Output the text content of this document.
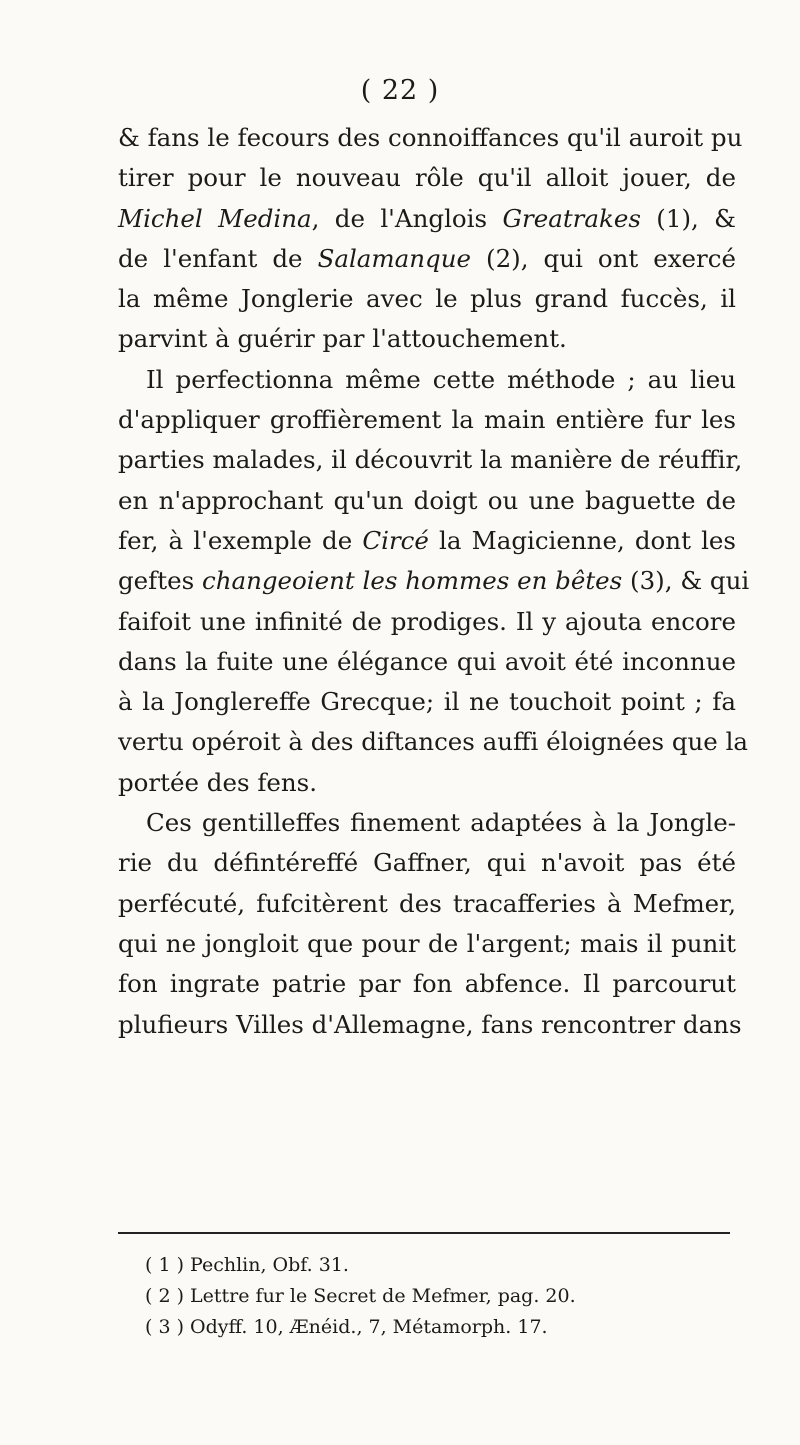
( 22 )
& fans le fecours des connoiffances qu'il auroit pu
tirer pour le nouveau rôle qu'il alloit jouer, de
Michel Medina, de l'Anglois Greatrakes (1), &
de l'enfant de Salamanque (2), qui ont exercé
la même Jonglerie avec le plus grand fuccès, il
parvint à guérir par l'attouchement.
Il perfectionna même cette méthode ; au lieu
d'appliquer groffièrement la main entière fur les
parties malades, il découvrit la manière de réuffir,
en n'approchant qu'un doigt ou une baguette de
fer, à l'exemple de Circé la Magicienne, dont les
geftes changeoient les hommes en bêtes (3), & qui
faifoit une infinité de prodiges. Il y ajouta encore
dans la fuite une élégance qui avoit été inconnue
à la Jonglereffe Grecque; il ne touchoit point ; fa
vertu opéroit à des diftances auffi éloignées que la
portée des fens.
Ces gentilleffes finement adaptées à la Jongle-
rie du défintéreffé Gaffner, qui n'avoit pas été
perfécuté, fufcitèrent des tracafferies à Mefmer,
qui ne jongloit que pour de l'argent; mais il punit
fon ingrate patrie par fon abfence. Il parcourut
plufieurs Villes d'Allemagne, fans rencontrer dans
( 1 ) Pechlin, Obf. 31.
( 2 ) Lettre fur le Secret de Mefmer, pag. 20.
( 3 ) Odyff. 10, Ænéid., 7, Métamorph. 17.
